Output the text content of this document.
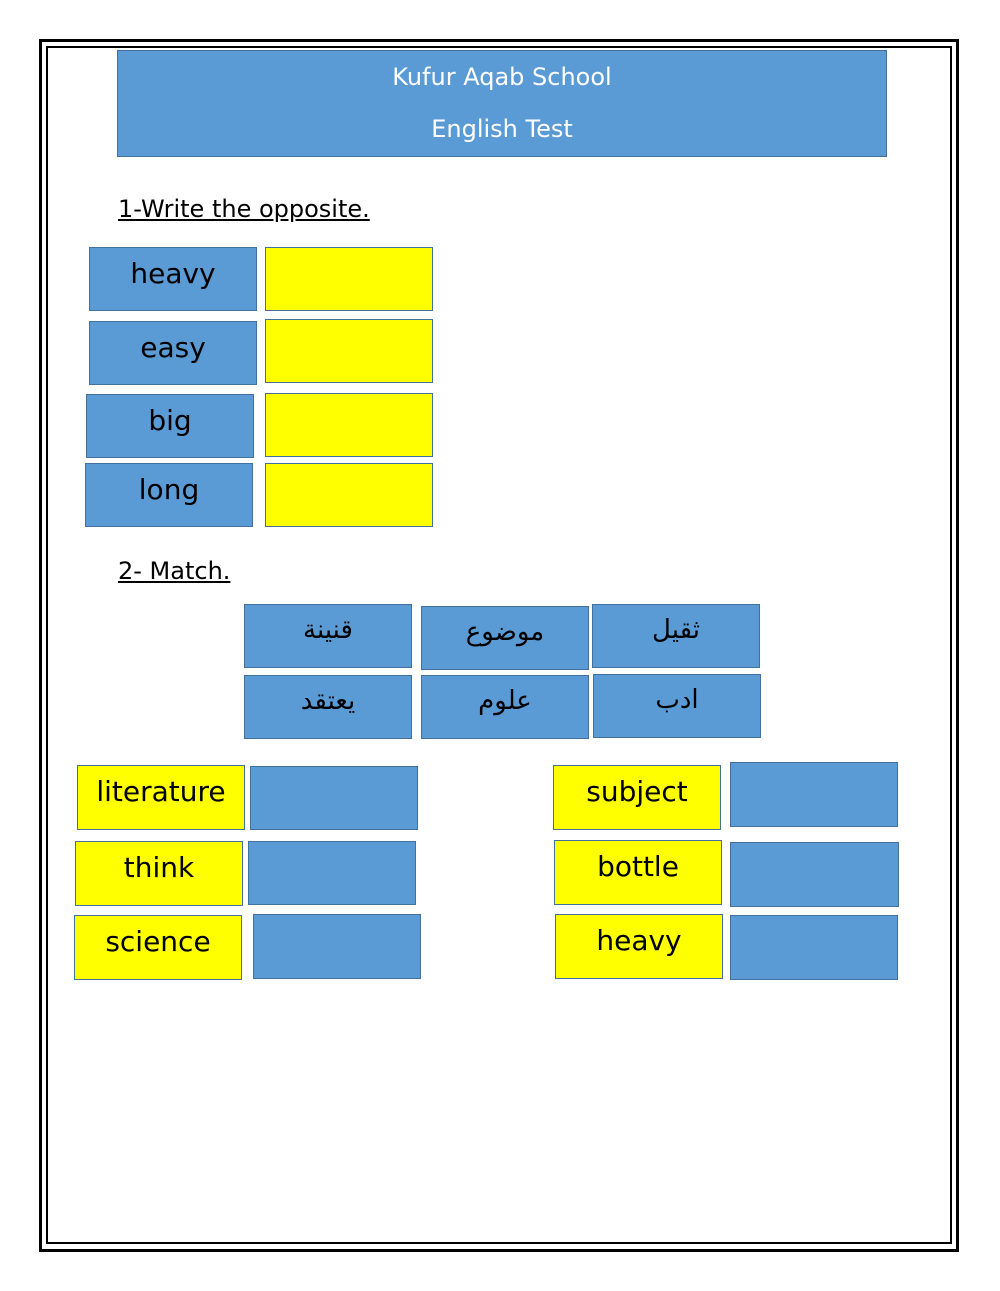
Kufur Aqab School
English Test
1-Write the opposite.
heavy
easy
big
long
2- Match.
قنينة	موضوع	ثقيل
يعتقد	علوم	ادب
literature
think
science
subject
bottle
heavy
